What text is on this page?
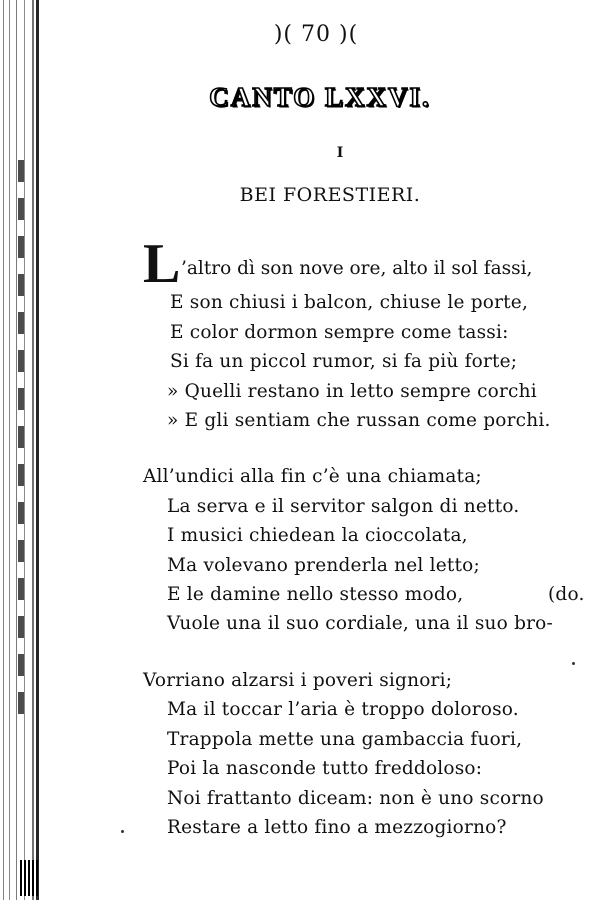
)( 70 )(
CANTO LXXVI.
I
BEI FORESTIERI.
L ’altro dì son nove ore, alto il sol fassi,
E son chiusi i balcon, chiuse le porte,
E color dormon sempre come tassi:
Si fa un piccol rumor, si fa più forte;
» Quelli restano in letto sempre corchi
» E gli sentiam che russan come porchi.
All’undici alla fin c’è una chiamata;
La serva e il servitor salgon di netto.
I musici chiedean la cioccolata,
Ma volevano prenderla nel letto;
E le damine nello stesso modo,	(do.
Vuole una il suo cordiale, una il suo bro-
Vorriano alzarsi i poveri signori;
Ma il toccar l’aria è troppo doloroso.
Trappola mette una gambaccia fuori,
Poi la nasconde tutto freddoloso:
Noi frattanto diceam: non è uno scorno
Restare a letto fino a mezzogiorno?
